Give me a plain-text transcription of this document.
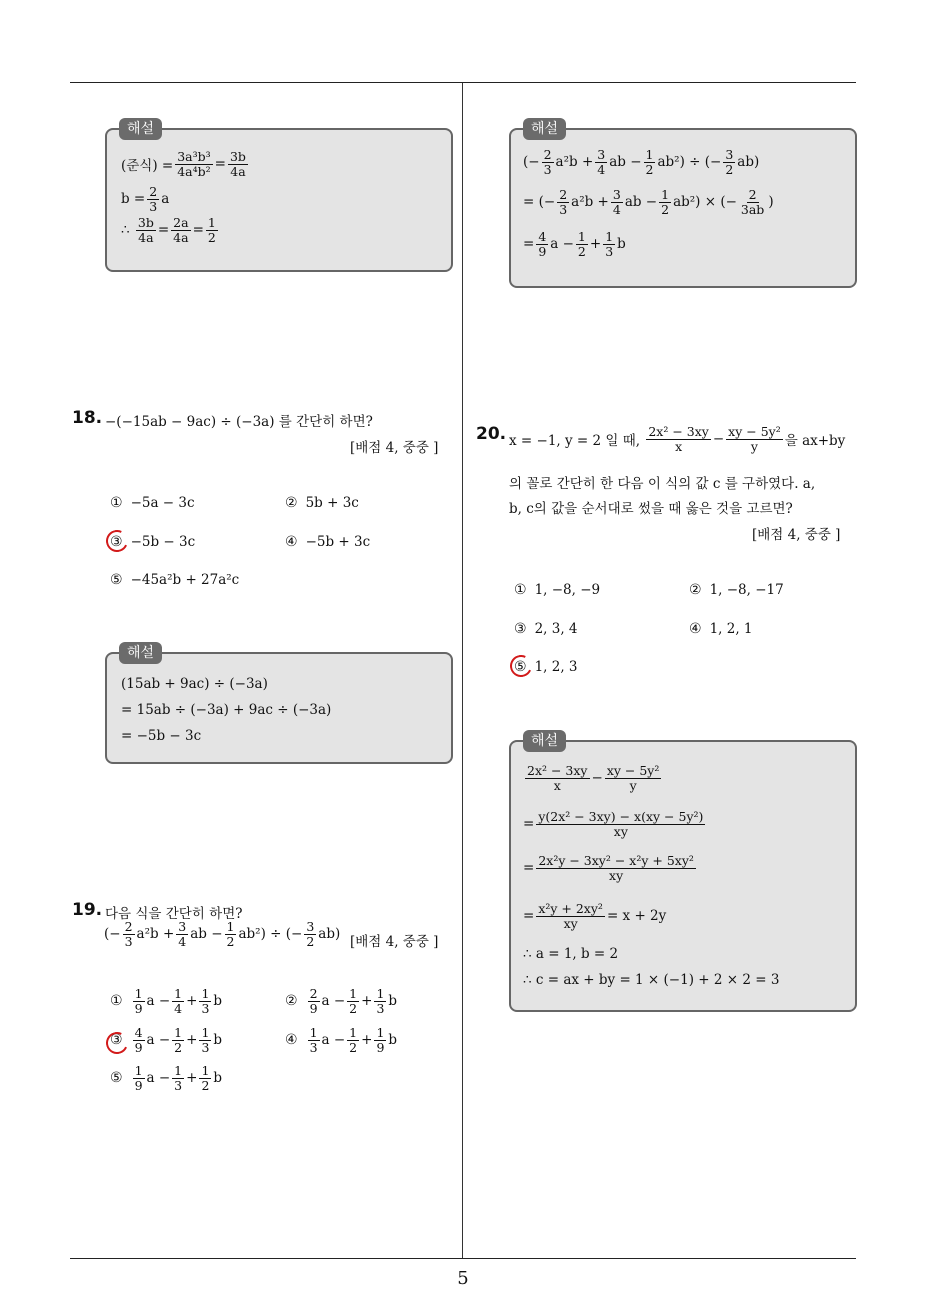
5
해설
(준식) = $\frac{\text{3a³b³}}{\text{4a⁴b²}} = \frac{3b}{4a}$
$b = \frac{2}{3}$ a
∴
$\frac{3b}{4a} = \frac{2a}{4a} = \frac{1}{2}$
18. −(−15ab − 9ac) ÷ (−3a) 를 간단히 하면?
[배점 4, 중중 ]
① −5a − 3c	② 5b + 3c
③ −5b − 3c	④ −5b + 3c
⑤ −45a²b + 27a²c
해설
(15ab + 9ac) ÷ (−3a)
= 15ab ÷ (−3a) + 9ac ÷ (−3a)
= −5b − 3c
19. 다음 식을 간단히 하면?
(− $\frac{2}{3} a^2b + \frac{3}{4}$ ab − $\frac{1}{2} ab^2$) ÷ (− $\frac{3}{2} ab$) [배점 4, 중중 ]
① $\frac{1}{9}$ $a - \frac{1}{4} + \frac{1}{3}$ b	② $\frac{2}{9}$ $a - \frac{1}{2} + \frac{1}{3}$ b
③ $\frac{4}{9}$ $a - \frac{1}{2} + \frac{1}{3}$ b	④ $\frac{1}{3}$ $a - \frac{1}{2} + \frac{1}{9}$ b
⑤ $\frac{1}{9}$ $a - \frac{1}{3} + \frac{1}{2}$ b
해설
(− $\frac{2}{3} a^2b + \frac{3}{4}$ ab − $\frac{1}{2} ab^2$) ÷ (− $\frac{3}{2} ab$)
= (− $\frac{2}{3} a^2b + \frac{3}{4}$ ab − $\frac{1}{2} ab^2$) × (− $\frac{2}{3ab}$ )
= $\frac{4}{9}$ $a - \frac{1}{2} + \frac{1}{3}$ b
20. x = −1, y = 2 일 때,
$\frac{\text{2x² − 3xy}}{x} - \frac{\text{xy − 5y²}}{y}$ 을 ax+by
의 꼴로 간단히 한 다음 이 식의 값 c 를 구하였다. a,
b, c의 값을 순서대로 썼을 때 옳은 것을 고르면?
[배점 4, 중중 ]
① 1, −8, −9	② 1, −8, −17
③ 2, 3, 4	④ 1, 2, 1
⑤ 1, 2, 3
해설
$\frac{\text{2x² − 3xy}}{x} - \frac{\text{xy − 5y²}}{y}$
= $\frac{\text{y(2x² − 3xy) − x(xy − 5y²)}}{xy}$
= $\frac{\text{2x²y − 3xy² − x²y + 5xy²}}{xy}$
= $\frac{\text{x²y + 2xy²}}{xy} = x + 2y$
∴ a = 1, b = 2
∴ c = ax + by = 1 × (−1) + 2 × 2 = 3
